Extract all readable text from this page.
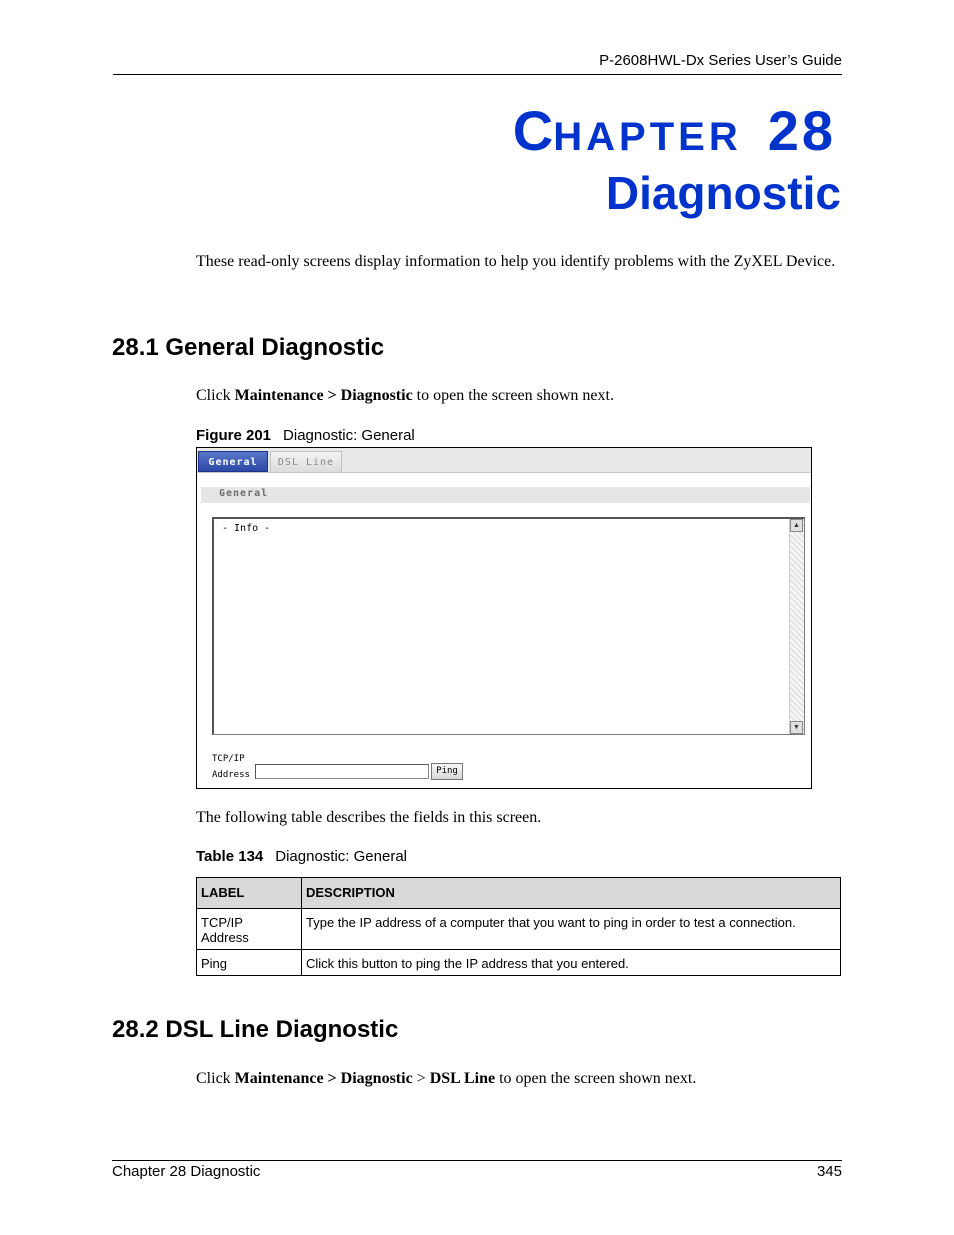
P-2608HWL-Dx Series User’s Guide
CHAPTER 28
Diagnostic
These read-only screens display information to help you identify problems with the ZyXEL Device.
28.1 General Diagnostic
Click Maintenance > Diagnostic to open the screen shown next.
Figure 201 Diagnostic: General
General	DSL Line
General
- Info -	▲
▼
TCP/IP
Address	Ping
The following table describes the fields in this screen.
Table 134 Diagnostic: General
LABEL	DESCRIPTION
TCP/IP Address	Type the IP address of a computer that you want to ping in order to test a connection.
Ping	Click this button to ping the IP address that you entered.
28.2 DSL Line Diagnostic
Click Maintenance > Diagnostic > DSL Line to open the screen shown next.
Chapter 28 Diagnostic	345
